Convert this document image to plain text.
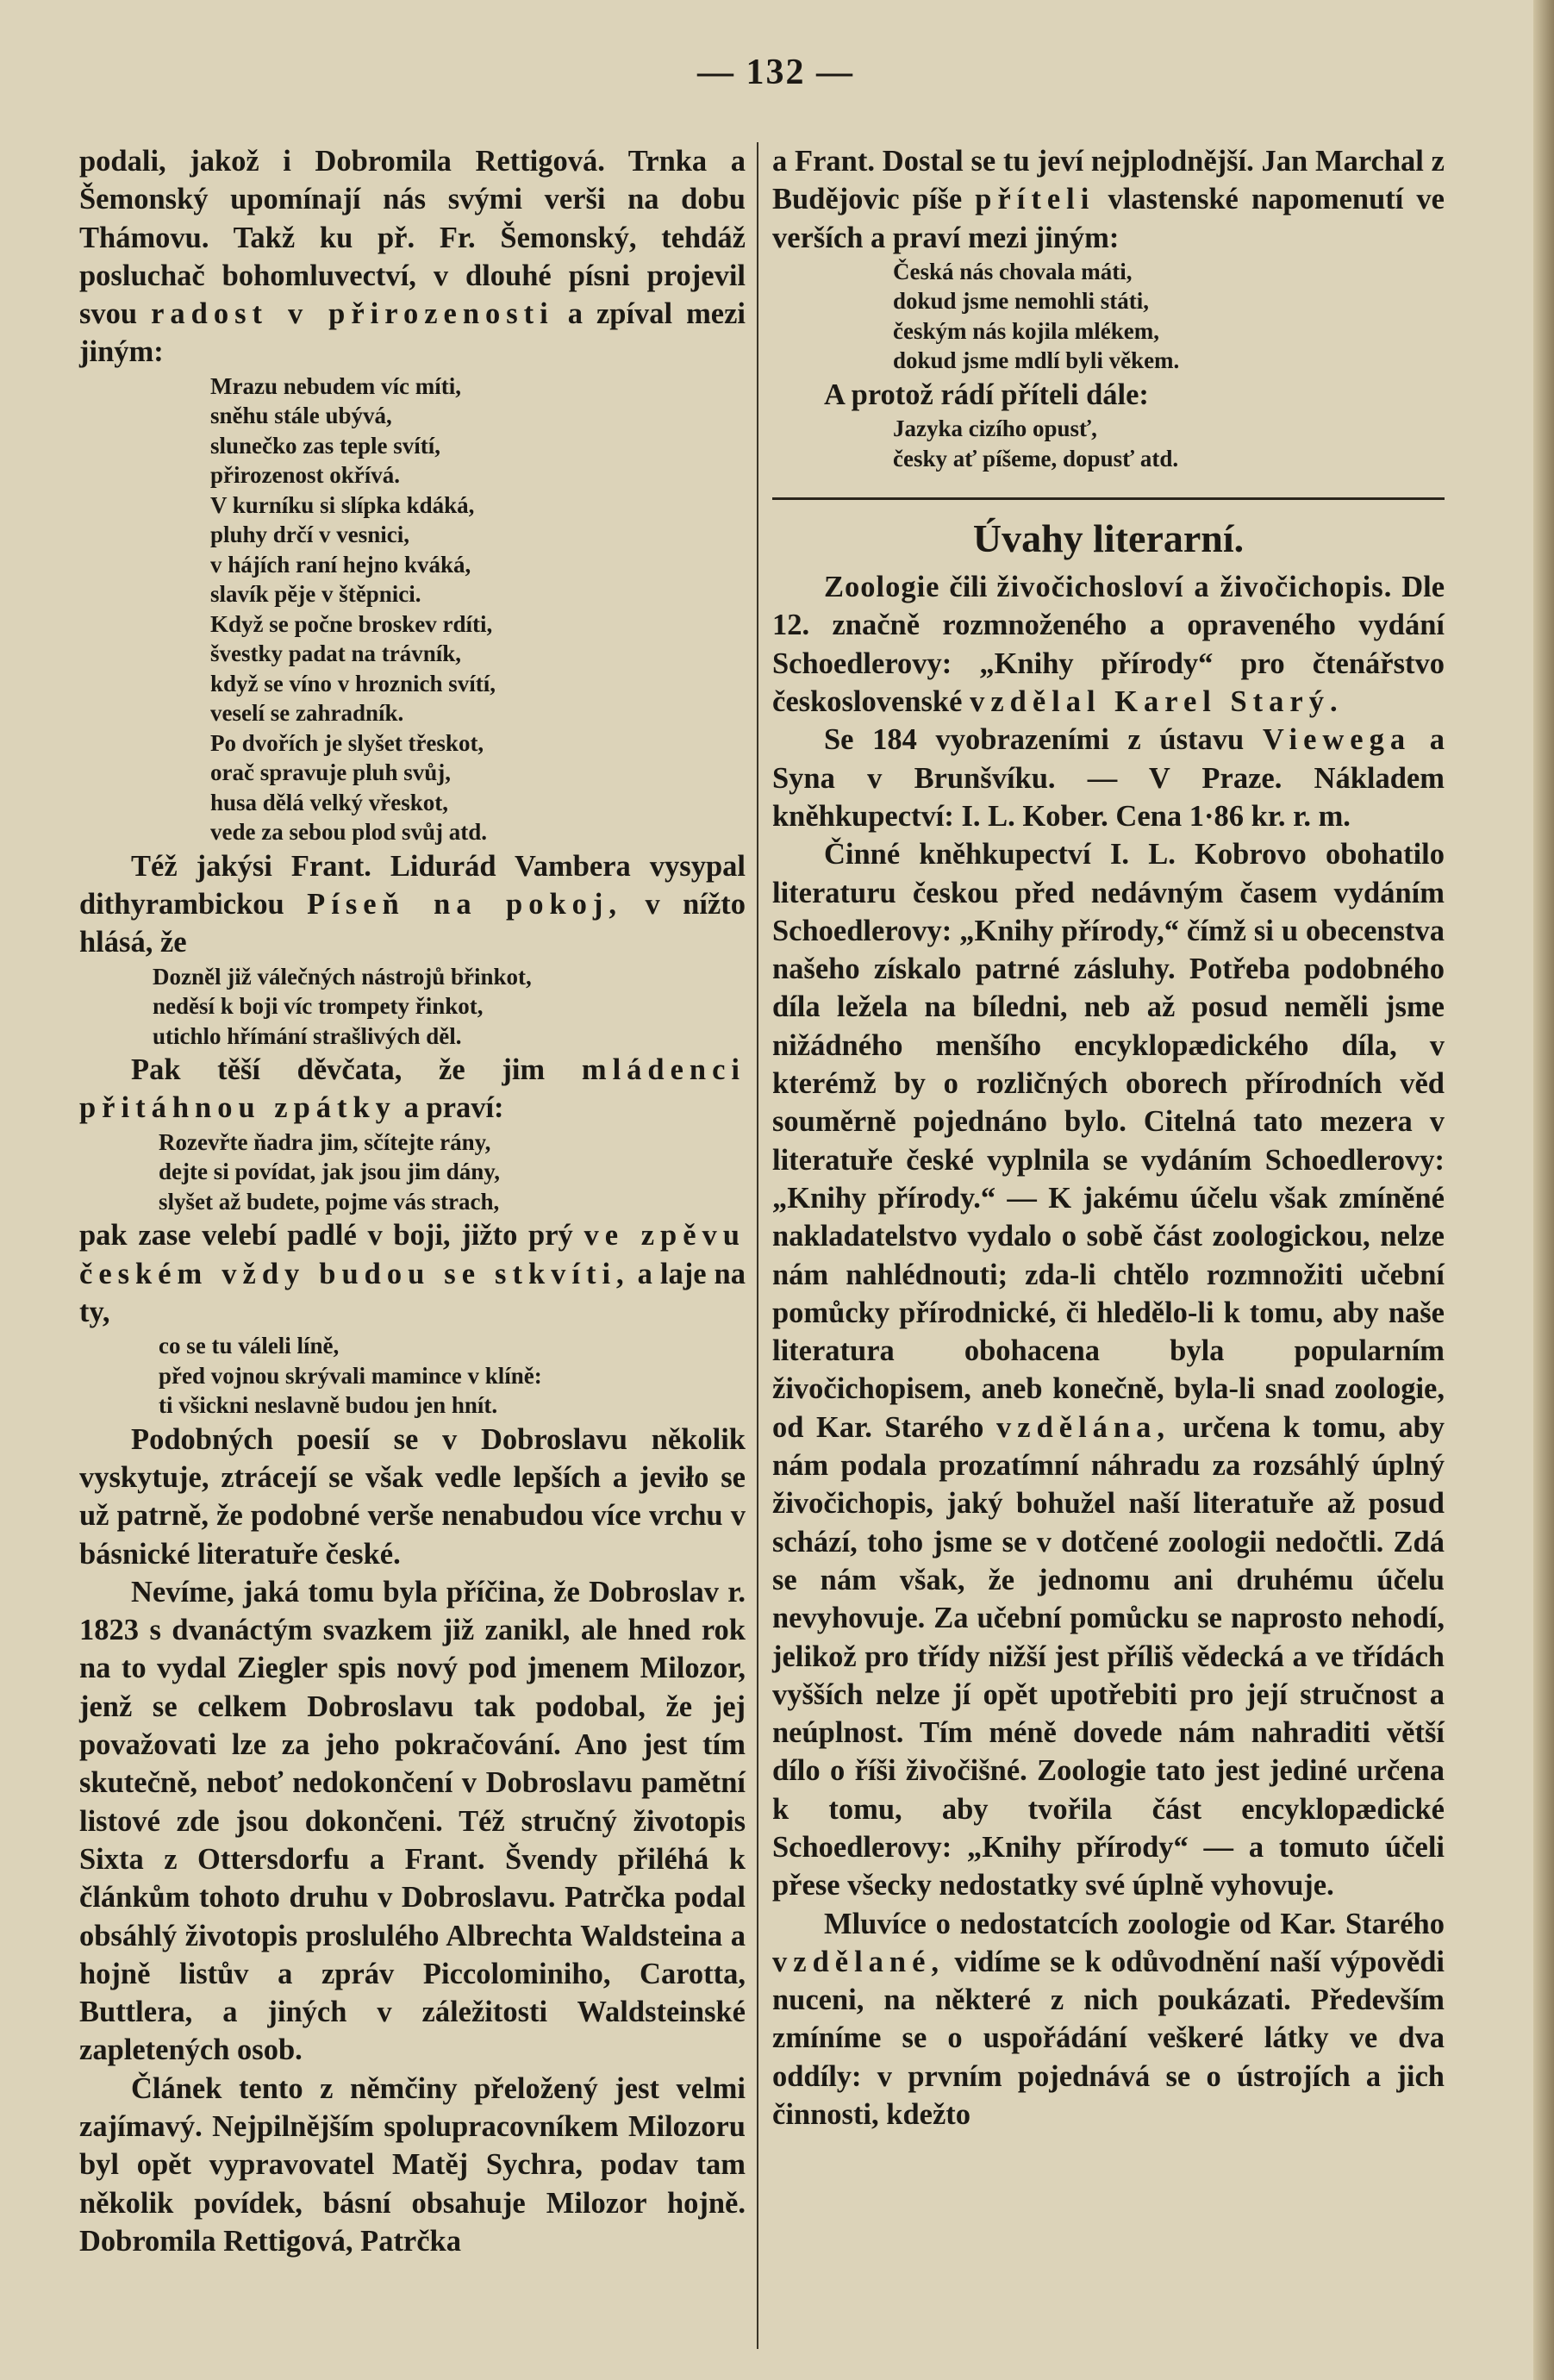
— 132 —

podali, jakož i Dobromila Rettigová. Trnka a Šemonský upomínají nás svými verši na dobu Thámovu. Takž ku př. Fr. Šemonský, tehdáž posluchač bohomluvectví, v dlouhé písni projevil svou radost v přirozenosti a zpíval mezi jiným:

Mrazu nebudem víc míti,
sněhu stále ubývá,
slunečko zas teple svítí,
přirozenost okřívá.
V kurníku si slípka kdáká,
pluhy drčí v vesnici,
v hájích raní hejno kváká,
slavík pěje v štěpnici.
Když se počne broskev rdíti,
švestky padat na trávník,
když se víno v hroznich svítí,
veselí se zahradník.
Po dvořích je slyšet třeskot,
orač spravuje pluh svůj,
husa dělá velký vřeskot,
vede za sebou plod svůj atd.

Též jakýsi Frant. Lidurád Vambera vysypal dithyrambickou Píseň na pokoj, v nížto hlásá, že

Dozněl již válečných nástrojů břinkot,
neděsí k boji víc trompety řinkot,
utichlo hřímání strašlivých děl.

Pak těší děvčata, že jim mládenci přitáhnou zpátky a praví:

Rozevřte ňadra jim, sčítejte rány,
dejte si povídat, jak jsou jim dány,
slyšet až budete, pojme vás strach,

pak zase velebí padlé v boji, jižto prý ve zpěvu českém vždy budou se stkvíti, a laje na ty,

co se tu váleli líně,
před vojnou skrývali mamince v klíně:
ti všickni neslavně budou jen hnít.

Podobných poesií se v Dobroslavu několik vyskytuje, ztrácejí se však vedle lepších a jeviło se už patrně, že podobné verše nenabudou více vrchu v básnické literatuře české.

Nevíme, jaká tomu byla příčina, že Dobroslav r. 1823 s dvanáctým svazkem již zanikl, ale hned rok na to vydal Ziegler spis nový pod jmenem Milozor, jenž se celkem Dobroslavu tak podobal, že jej považovati lze za jeho pokračování. Ano jest tím skutečně, neboť nedokončení v Dobroslavu pamětní listové zde jsou dokončeni. Též stručný životopis Sixta z Ottersdorfu a Frant. Švendy přiléhá k článkům tohoto druhu v Dobroslavu. Patrčka podal obsáhlý životopis proslulého Albrechta Waldsteina a hojně listův a zpráv Piccolominiho, Carotta, Buttlera, a jiných v záležitosti Waldsteinské zapletených osob.

Článek tento z němčiny přeložený jest velmi zajímavý. Nejpilnějším spolupracovníkem Milozoru byl opět vypravovatel Matěj Sychra, podav tam několik povídek, básní obsahuje Milozor hojně. Dobromila Rettigová, Patrčka

a Frant. Dostal se tu jeví nejplodnější. Jan Marchal z Budějovic píše příteli vlastenské napomenutí ve verších a praví mezi jiným:

Česká nás chovala máti,
dokud jsme nemohli státi,
českým nás kojila mlékem,
dokud jsme mdlí byli věkem.

A protož rádí příteli dále:

Jazyka cizího opusť,
česky ať píšeme, dopusť atd.
Úvahy literarní.

Zoologie čili živočichosloví a živočichopis. Dle 12. značně rozmnoženého a opraveného vydání Schoedlerovy: „Knihy přírody“ pro čtenářstvo československé vzdělal Karel Starý.

Se 184 vyobrazeními z ústavu Viewega a Syna v Brunšvíku. — V Praze. Nákladem kněhkupectví: I. L. Kober. Cena 1·86 kr. r. m.

Činné kněhkupectví I. L. Kobrovo obohatilo literaturu českou před nedávným časem vydáním Schoedlerovy: „Knihy přírody,“ čímž si u obecenstva našeho získalo patrné zásluhy. Potřeba podobného díla ležela na bíledni, neb až posud neměli jsme nižádného menšího encyklopædického díla, v kterémž by o rozličných oborech přírodních věd souměrně pojednáno bylo. Citelná tato mezera v literatuře české vyplnila se vydáním Schoedlerovy: „Knihy přírody.“ — K jakému účelu však zmíněné nakladatelstvo vydalo o sobě část zoologickou, nelze nám nahlédnouti; zda-li chtělo rozmnožiti učební pomůcky přírodnické, či hledělo-li k tomu, aby naše literatura obohacena byla popularním živočichopisem, aneb konečně, byla-li snad zoologie, od Kar. Starého vzdělána, určena k tomu, aby nám podala prozatímní náhradu za rozsáhlý úplný živočichopis, jaký bohužel naší literatuře až posud schází, toho jsme se v dotčené zoologii nedočtli. Zdá se nám však, že jednomu ani druhému účelu nevyhovuje. Za učební pomůcku se naprosto nehodí, jelikož pro třídy nižší jest příliš vědecká a ve třídách vyšších nelze jí opět upotřebiti pro její stručnost a neúplnost. Tím méně dovede nám nahraditi větší dílo o říši živočišné. Zoologie tato jest jediné určena k tomu, aby tvořila část encyklopædické Schoedlerovy: „Knihy přírody“ — a tomuto účeli přese všecky nedostatky své úplně vyhovuje.

Mluvíce o nedostatcích zoologie od Kar. Starého vzdělané, vidíme se k odůvodnění naší výpovědi nuceni, na některé z nich poukázati. Především zmíníme se o uspořádání veškeré látky ve dva oddíly: v prvním pojednává se o ústrojích a jich činnosti, kdežto
